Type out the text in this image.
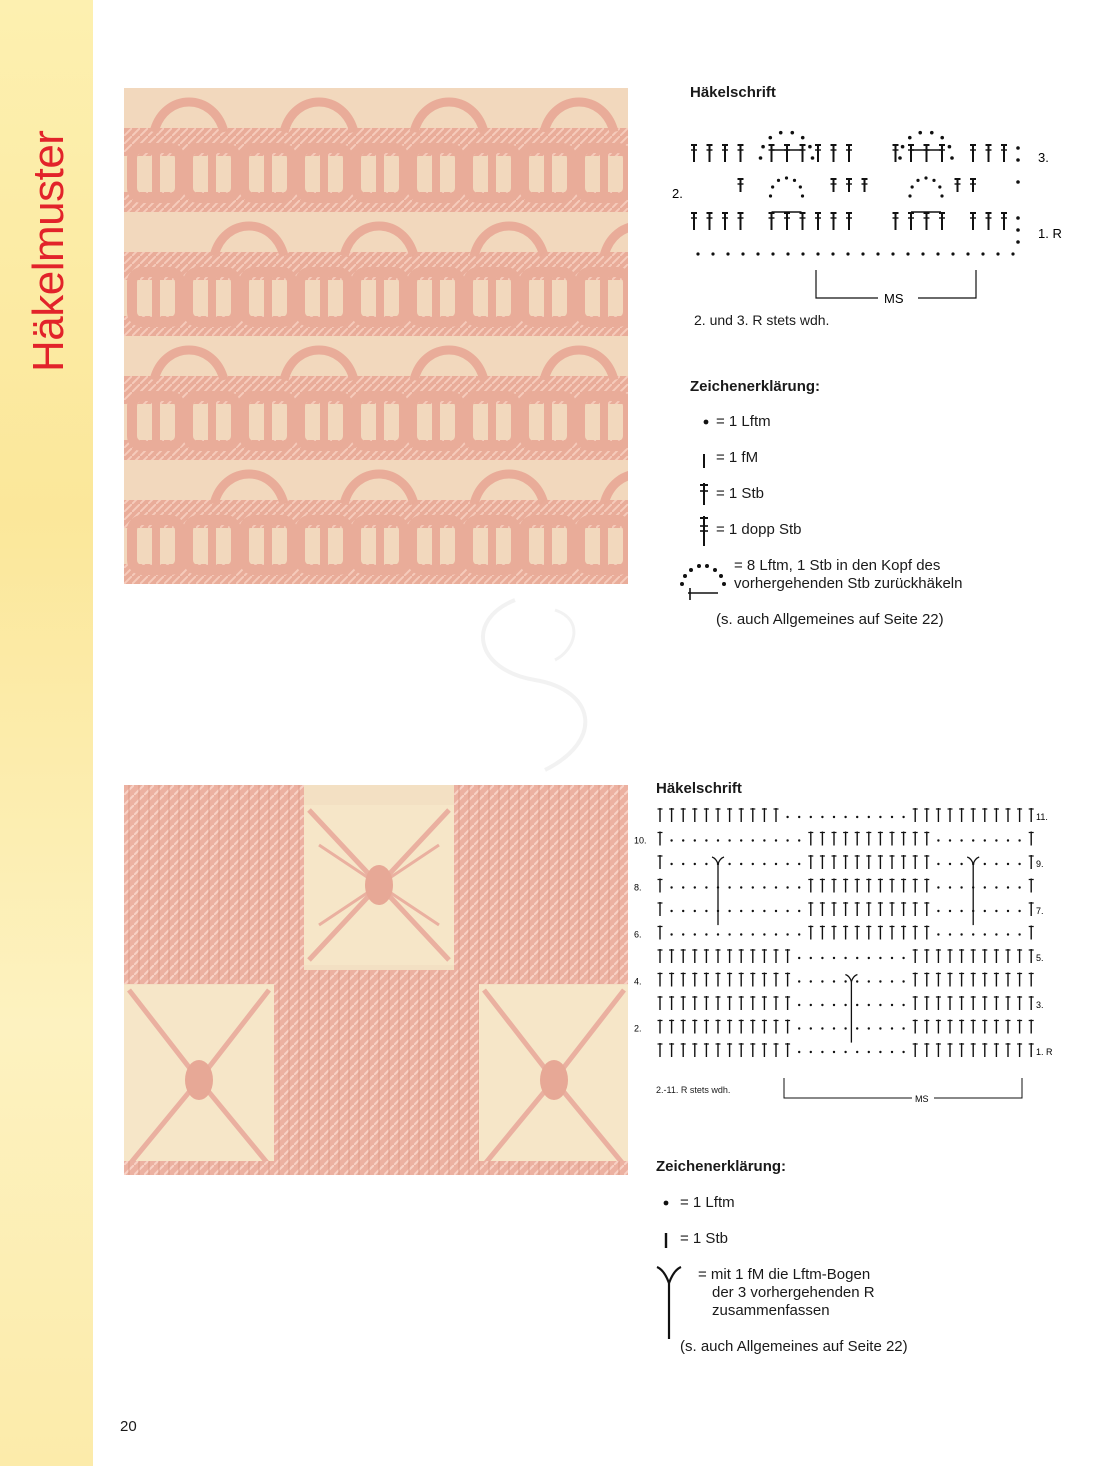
Häkelmuster
Häkelschrift
3.
2.
1. R
MS
2. und 3. R stets wdh.
Zeichenerklärung:
= 1 Lftm
= 1 fM
= 1 Stb
= 1 dopp Stb
= 8 Lftm, 1 Stb in den Kopf des
vorhergehenden Stb zurückhäkeln
(s. auch Allgemeines auf Seite 22)
Häkelschrift
11.
9.
7.
5.
3.
1. R
10.
8.
6.
4.
2.
MS
2.-11. R stets wdh.
Zeichenerklärung:
= 1 Lftm
= 1 Stb
= mit 1 fM die Lftm-Bogen
der 3 vorhergehenden R
zusammenfassen
(s. auch Allgemeines auf Seite 22)
20
